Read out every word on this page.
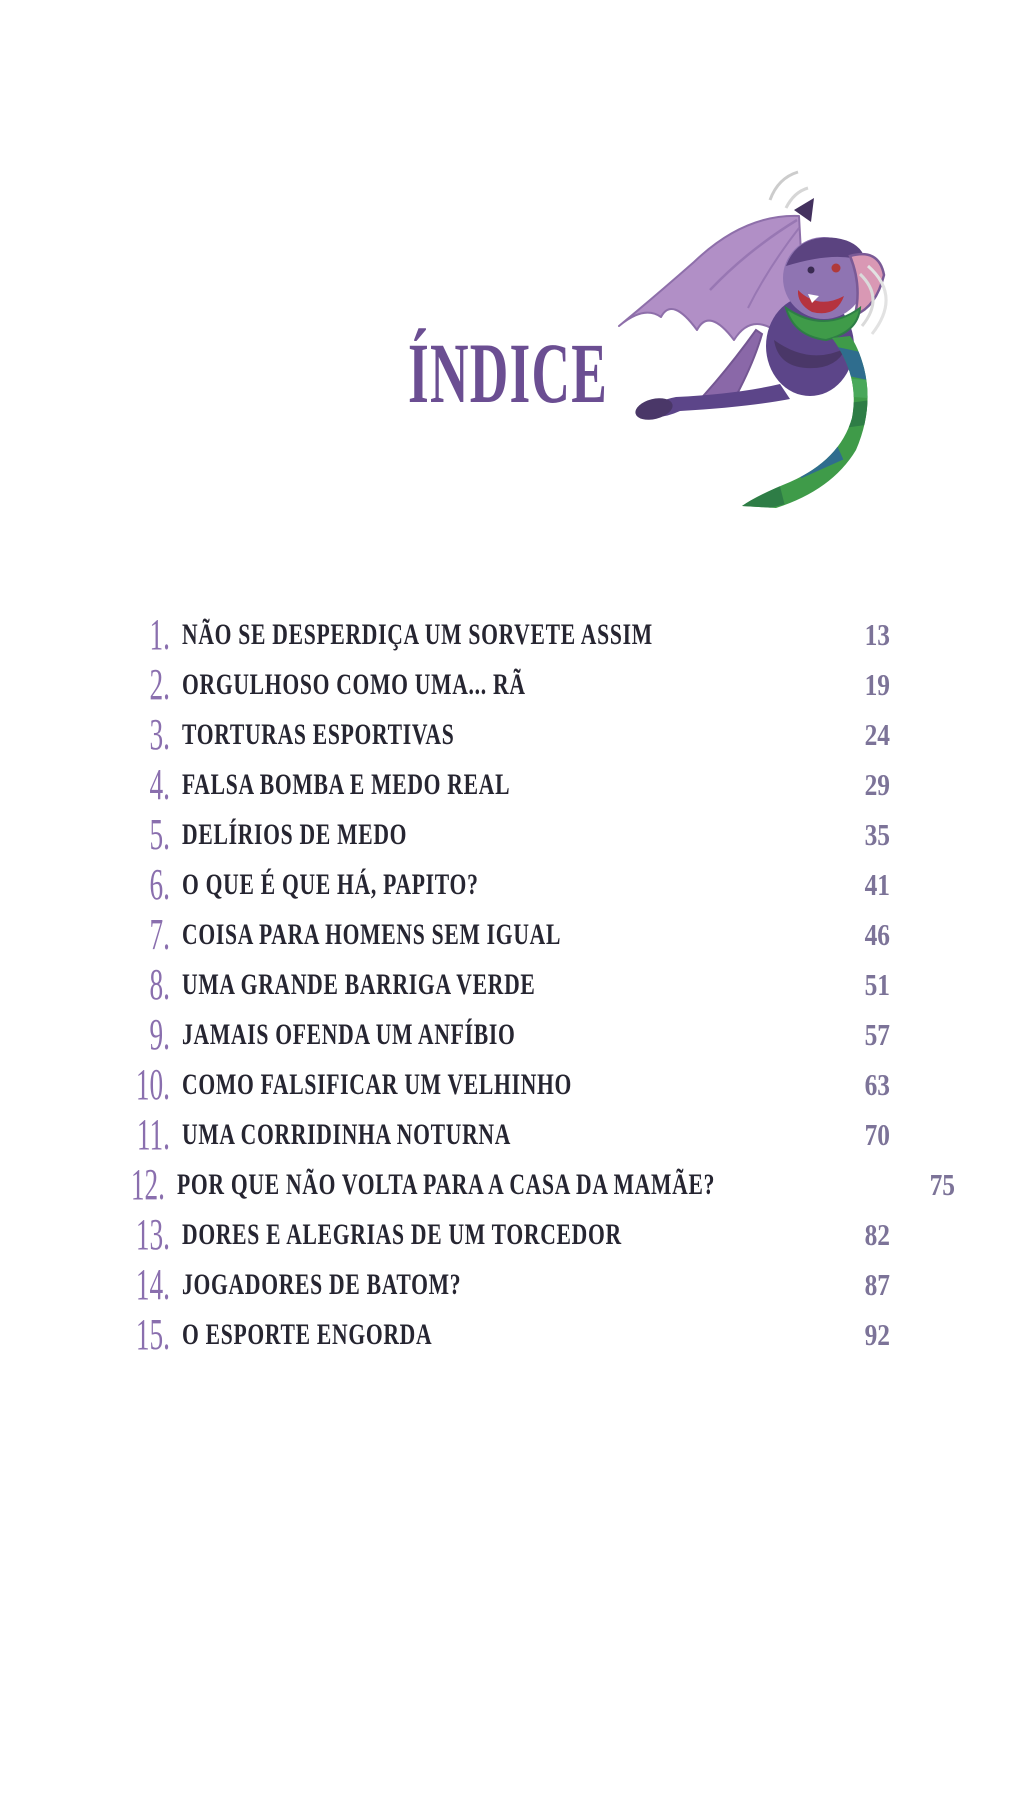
ÍNDICE
1. NÃO SE DESPERDIÇA UM SORVETE ASSIM	13
2. ORGULHOSO COMO UMA... RÃ	19
3. TORTURAS ESPORTIVAS	24
4. FALSA BOMBA E MEDO REAL	29
5. DELÍRIOS DE MEDO	35
6. O QUE É QUE HÁ, PAPITO?	41
7. COISA PARA HOMENS SEM IGUAL	46
8. UMA GRANDE BARRIGA VERDE	51
9. JAMAIS OFENDA UM ANFÍBIO	57
10. COMO FALSIFICAR UM VELHINHO	63
11. UMA CORRIDINHA NOTURNA	70
12. POR QUE NÃO VOLTA PARA A CASA DA MAMÃE?	75
13. DORES E ALEGRIAS DE UM TORCEDOR	82
14. JOGADORES DE BATOM?	87
15. O ESPORTE ENGORDA	92
